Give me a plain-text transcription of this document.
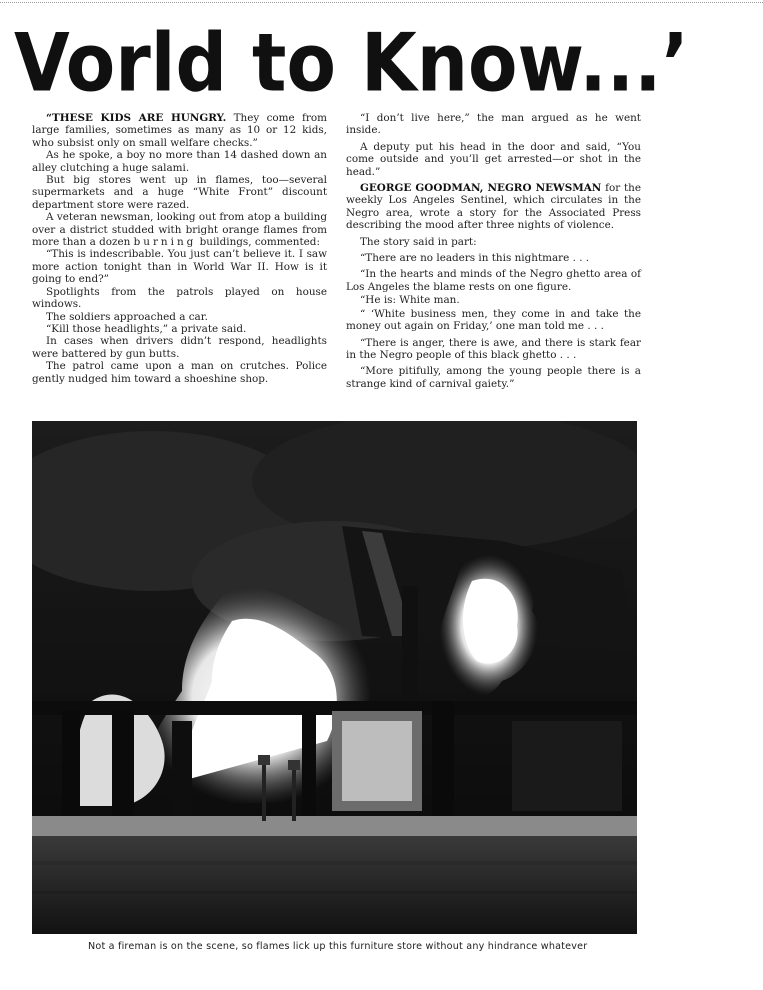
Vorld to Know...’

“THESE KIDS ARE HUNGRY. They come from large families, sometimes as many as 10 or 12 kids, who subsist only on small welfare checks.”

As he spoke, a boy no more than 14 dashed down an alley clutching a huge salami.

But big stores went up in flames, too—several supermarkets and a huge “White Front” discount department store were razed.

A veteran newsman, looking out from atop a building over a district studded with bright orange flames from more than a dozen burning buildings, commented:

“This is indescribable. You just can’t believe it. I saw more action tonight than in World War II. How is it going to end?”

Spotlights from the patrols played on house windows.

The soldiers approached a car.

“Kill those headlights,” a private said.

In cases when drivers didn’t respond, headlights were battered by gun butts.

The patrol came upon a man on crutches. Police gently nudged him toward a shoeshine shop.

“I don’t live here,” the man argued as he went inside.

A deputy put his head in the door and said, “You come outside and you’ll get arrested—or shot in the head.”

GEORGE GOODMAN, NEGRO NEWSMAN for the weekly Los Angeles Sentinel, which circulates in the Negro area, wrote a story for the Associated Press describing the mood after three nights of violence.

The story said in part:

“There are no leaders in this nightmare . . .

“In the hearts and minds of the Negro ghetto area of Los Angeles the blame rests on one figure.

“He is: White man.

“ ‘White business men, they come in and take the money out again on Friday,’ one man told me . . .

“There is anger, there is awe, and there is stark fear in the Negro people of this black ghetto . . .

“More pitifully, among the young people there is a strange kind of carnival gaiety.”

Not a fireman is on the scene, so flames lick up this furniture store without any hindrance whatever
